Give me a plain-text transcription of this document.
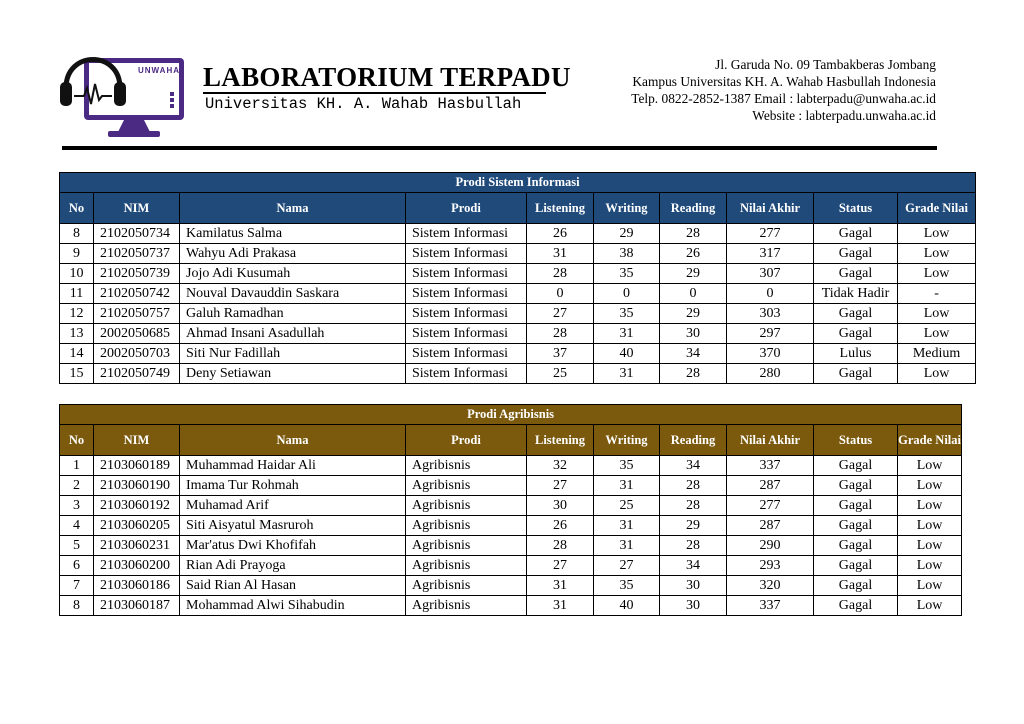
UNWAHA LABORATORIUM TERPADU
Universitas KH. A. Wahab Hasbullah
Jl. Garuda No. 09 Tambakberas Jombang
Kampus Universitas KH. A. Wahab Hasbullah Indonesia
Telp. 0822-2852-1387 Email : labterpadu@unwaha.ac.id
Website : labterpadu.unwaha.ac.id
Prodi Sistem Informasi									
No	NIM	Nama	Prodi	Listening	Writing	Reading	Nilai Akhir	Status	Grade Nilai
8	2102050734	Kamilatus Salma	Sistem Informasi	26	29	28	277	Gagal	Low
9	2102050737	Wahyu Adi Prakasa	Sistem Informasi	31	38	26	317	Gagal	Low
10	2102050739	Jojo Adi Kusumah	Sistem Informasi	28	35	29	307	Gagal	Low
11	2102050742	Nouval Davauddin Saskara	Sistem Informasi	0	0	0	0	Tidak Hadir	-
12	2102050757	Galuh Ramadhan	Sistem Informasi	27	35	29	303	Gagal	Low
13	2002050685	Ahmad Insani Asadullah	Sistem Informasi	28	31	30	297	Gagal	Low
14	2002050703	Siti Nur Fadillah	Sistem Informasi	37	40	34	370	Lulus	Medium
15	2102050749	Deny Setiawan	Sistem Informasi	25	31	28	280	Gagal	Low
Prodi Agribisnis									
No	NIM	Nama	Prodi	Listening	Writing	Reading	Nilai Akhir	Status	Grade Nilai
1	2103060189	Muhammad Haidar Ali	Agribisnis	32	35	34	337	Gagal	Low
2	2103060190	Imama Tur Rohmah	Agribisnis	27	31	28	287	Gagal	Low
3	2103060192	Muhamad Arif	Agribisnis	30	25	28	277	Gagal	Low
4	2103060205	Siti Aisyatul Masruroh	Agribisnis	26	31	29	287	Gagal	Low
5	2103060231	Mar'atus Dwi Khofifah	Agribisnis	28	31	28	290	Gagal	Low
6	2103060200	Rian Adi Prayoga	Agribisnis	27	27	34	293	Gagal	Low
7	2103060186	Said Rian Al Hasan	Agribisnis	31	35	30	320	Gagal	Low
8	2103060187	Mohammad Alwi Sihabudin	Agribisnis	31	40	30	337	Gagal	Low
